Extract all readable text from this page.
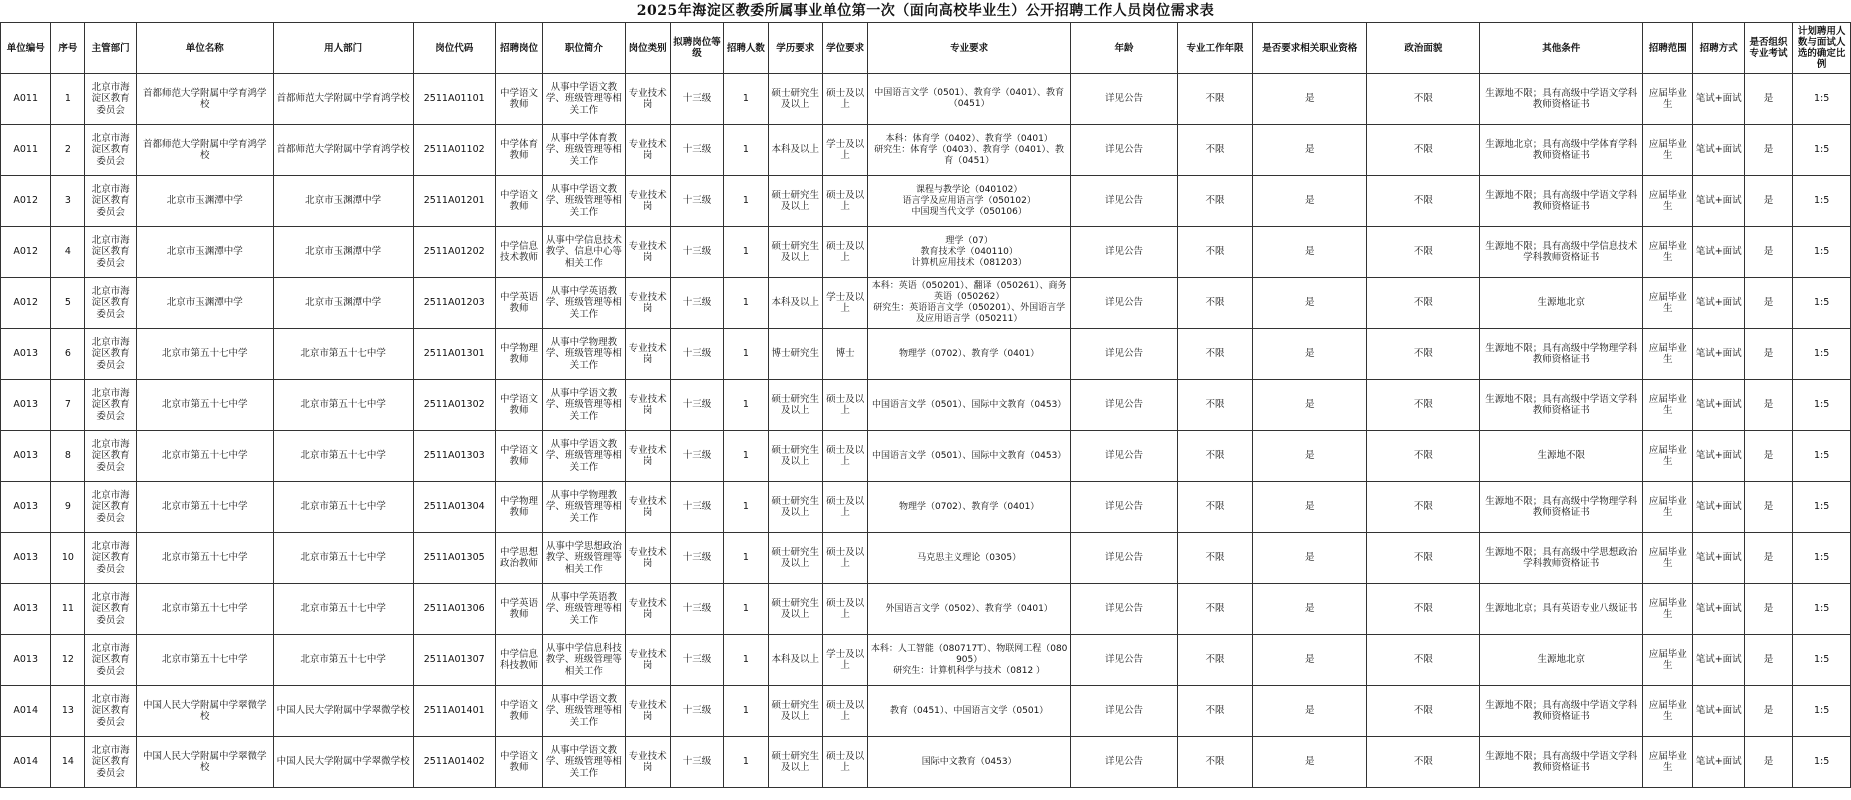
2025年海淀区教委所属事业单位第一次（面向高校毕业生）公开招聘工作人员岗位需求表
单位编号	序号	主管部门	单位名称	用人部门	岗位代码	招聘岗位	职位简介	岗位类别	拟聘岗位等级	招聘人数	学历要求	学位要求	专业要求	年龄	专业工作年限	是否要求相关职业资格	政治面貌	其他条件	招聘范围	招聘方式	是否组织专业考试	计划聘用人数与面试人选的确定比例
A011	1	北京市海淀区教育委员会	首都师范大学附属中学育鸿学校	首都师范大学附属中学育鸿学校	2511A01101	中学语文教师	从事中学语文教学、班级管理等相关工作	专业技术岗	十三级	1	硕士研究生及以上	硕士及以上	中国语言文学（0501）、教育学（0401）、教育（0451）	详见公告	不限	是	不限	生源地不限；具有高级中学语文学科教师资格证书	应届毕业生	笔试+面试	是	1:5
A011	2	北京市海淀区教育委员会	首都师范大学附属中学育鸿学校	首都师范大学附属中学育鸿学校	2511A01102	中学体育教师	从事中学体育教学、班级管理等相关工作	专业技术岗	十三级	1	本科及以上	学士及以上	本科：体育学（0402）、教育学（0401）
研究生：体育学（0403）、教育学（0401）、教育（0451）	详见公告	不限	是	不限	生源地北京；具有高级中学体育学科教师资格证书	应届毕业生	笔试+面试	是	1:5
A012	3	北京市海淀区教育委员会	北京市玉渊潭中学	北京市玉渊潭中学	2511A01201	中学语文教师	从事中学语文教学、班级管理等相关工作	专业技术岗	十三级	1	硕士研究生及以上	硕士及以上	课程与教学论（040102）
语言学及应用语言学（050102）
中国现当代文学（050106）	详见公告	不限	是	不限	生源地不限；具有高级中学语文学科教师资格证书	应届毕业生	笔试+面试	是	1:5
A012	4	北京市海淀区教育委员会	北京市玉渊潭中学	北京市玉渊潭中学	2511A01202	中学信息技术教师	从事中学信息技术教学、信息中心等相关工作	专业技术岗	十三级	1	硕士研究生及以上	硕士及以上	理学（07）
教育技术学（040110）
计算机应用技术（081203）	详见公告	不限	是	不限	生源地不限；具有高级中学信息技术学科教师资格证书	应届毕业生	笔试+面试	是	1:5
A012	5	北京市海淀区教育委员会	北京市玉渊潭中学	北京市玉渊潭中学	2511A01203	中学英语教师	从事中学英语教学、班级管理等相关工作	专业技术岗	十三级	1	本科及以上	学士及以上	本科：英语（050201）、翻译（050261）、商务英语（050262）
研究生：英语语言文学（050201）、外国语言学及应用语言学（050211）	详见公告	不限	是	不限	生源地北京	应届毕业生	笔试+面试	是	1:5
A013	6	北京市海淀区教育委员会	北京市第五十七中学	北京市第五十七中学	2511A01301	中学物理教师	从事中学物理教学、班级管理等相关工作	专业技术岗	十三级	1	博士研究生	博士	物理学（0702）、教育学（0401）	详见公告	不限	是	不限	生源地不限；具有高级中学物理学科教师资格证书	应届毕业生	笔试+面试	是	1:5
A013	7	北京市海淀区教育委员会	北京市第五十七中学	北京市第五十七中学	2511A01302	中学语文教师	从事中学语文教学、班级管理等相关工作	专业技术岗	十三级	1	硕士研究生及以上	硕士及以上	中国语言文学（0501）、国际中文教育（0453）	详见公告	不限	是	不限	生源地不限；具有高级中学语文学科教师资格证书	应届毕业生	笔试+面试	是	1:5
A013	8	北京市海淀区教育委员会	北京市第五十七中学	北京市第五十七中学	2511A01303	中学语文教师	从事中学语文教学、班级管理等相关工作	专业技术岗	十三级	1	硕士研究生及以上	硕士及以上	中国语言文学（0501）、国际中文教育（0453）	详见公告	不限	是	不限	生源地不限	应届毕业生	笔试+面试	是	1:5
A013	9	北京市海淀区教育委员会	北京市第五十七中学	北京市第五十七中学	2511A01304	中学物理教师	从事中学物理教学、班级管理等相关工作	专业技术岗	十三级	1	硕士研究生及以上	硕士及以上	物理学（0702）、教育学（0401）	详见公告	不限	是	不限	生源地不限；具有高级中学物理学科教师资格证书	应届毕业生	笔试+面试	是	1:5
A013	10	北京市海淀区教育委员会	北京市第五十七中学	北京市第五十七中学	2511A01305	中学思想政治教师	从事中学思想政治教学、班级管理等相关工作	专业技术岗	十三级	1	硕士研究生及以上	硕士及以上	马克思主义理论（0305）	详见公告	不限	是	不限	生源地不限；具有高级中学思想政治学科教师资格证书	应届毕业生	笔试+面试	是	1:5
A013	11	北京市海淀区教育委员会	北京市第五十七中学	北京市第五十七中学	2511A01306	中学英语教师	从事中学英语教学、班级管理等相关工作	专业技术岗	十三级	1	硕士研究生及以上	硕士及以上	外国语言文学（0502）、教育学（0401）	详见公告	不限	是	不限	生源地北京；具有英语专业八级证书	应届毕业生	笔试+面试	是	1:5
A013	12	北京市海淀区教育委员会	北京市第五十七中学	北京市第五十七中学	2511A01307	中学信息科技教师	从事中学信息科技教学、班级管理等相关工作	专业技术岗	十三级	1	本科及以上	学士及以上	本科：人工智能（080717T）、物联网工程（080905）
研究生：计算机科学与技术（0812 ）	详见公告	不限	是	不限	生源地北京	应届毕业生	笔试+面试	是	1:5
A014	13	北京市海淀区教育委员会	中国人民大学附属中学翠微学校	中国人民大学附属中学翠微学校	2511A01401	中学语文教师	从事中学语文教学、班级管理等相关工作	专业技术岗	十三级	1	硕士研究生及以上	硕士及以上	教育（0451）、中国语言文学（0501）	详见公告	不限	是	不限	生源地不限；具有高级中学语文学科教师资格证书	应届毕业生	笔试+面试	是	1:5
A014	14	北京市海淀区教育委员会	中国人民大学附属中学翠微学校	中国人民大学附属中学翠微学校	2511A01402	中学语文教师	从事中学语文教学、班级管理等相关工作	专业技术岗	十三级	1	硕士研究生及以上	硕士及以上	国际中文教育（0453）	详见公告	不限	是	不限	生源地不限；具有高级中学语文学科教师资格证书	应届毕业生	笔试+面试	是	1:5
